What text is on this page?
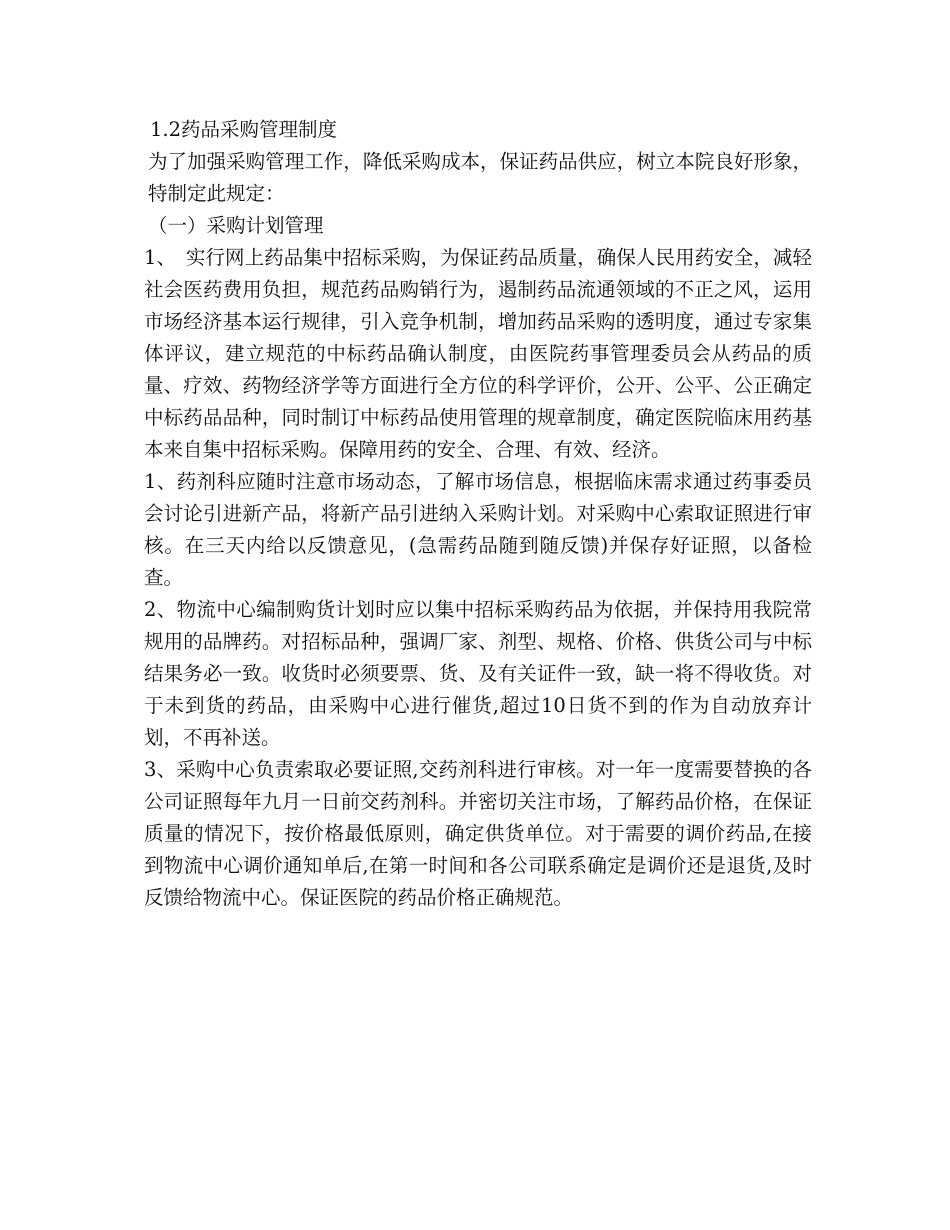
1.2药品采购管理制度

为了加强采购管理工作，降低采购成本，保证药品供应，树立本院良好形象，特制定此规定：

（一）采购计划管理

1、　实行网上药品集中招标采购，为保证药品质量，确保人民用药安全，减轻社会医药费用负担，规范药品购销行为，遏制药品流通领域的不正之风，运用市场经济基本运行规律，引入竞争机制，增加药品采购的透明度，通过专家集体评议，建立规范的中标药品确认制度，由医院药事管理委员会从药品的质量、疗效、药物经济学等方面进行全方位的科学评价，公开、公平、公正确定中标药品品种，同时制订中标药品使用管理的规章制度，确定医院临床用药基本来自集中招标采购。保障用药的安全、合理、有效、经济。

1、药剂科应随时注意市场动态，了解市场信息，根据临床需求通过药事委员会讨论引进新产品，将新产品引进纳入采购计划。对采购中心索取证照进行审核。在三天内给以反馈意见，(急需药品随到随反馈)并保存好证照，以备检查。

2、物流中心编制购货计划时应以集中招标采购药品为依据，并保持用我院常规用的品牌药。对招标品种，强调厂家、剂型、规格、价格、供货公司与中标结果务必一致。收货时必须要票、货、及有关证件一致，缺一将不得收货。对于未到货的药品，由采购中心进行催货,超过10日货不到的作为自动放弃计划，不再补送。

3、采购中心负责索取必要证照,交药剂科进行审核。对一年一度需要替换的各公司证照每年九月一日前交药剂科。并密切关注市场，了解药品价格，在保证质量的情况下，按价格最低原则，确定供货单位。对于需要的调价药品,在接到物流中心调价通知单后,在第一时间和各公司联系确定是调价还是退货,及时反馈给物流中心。保证医院的药品价格正确规范。
